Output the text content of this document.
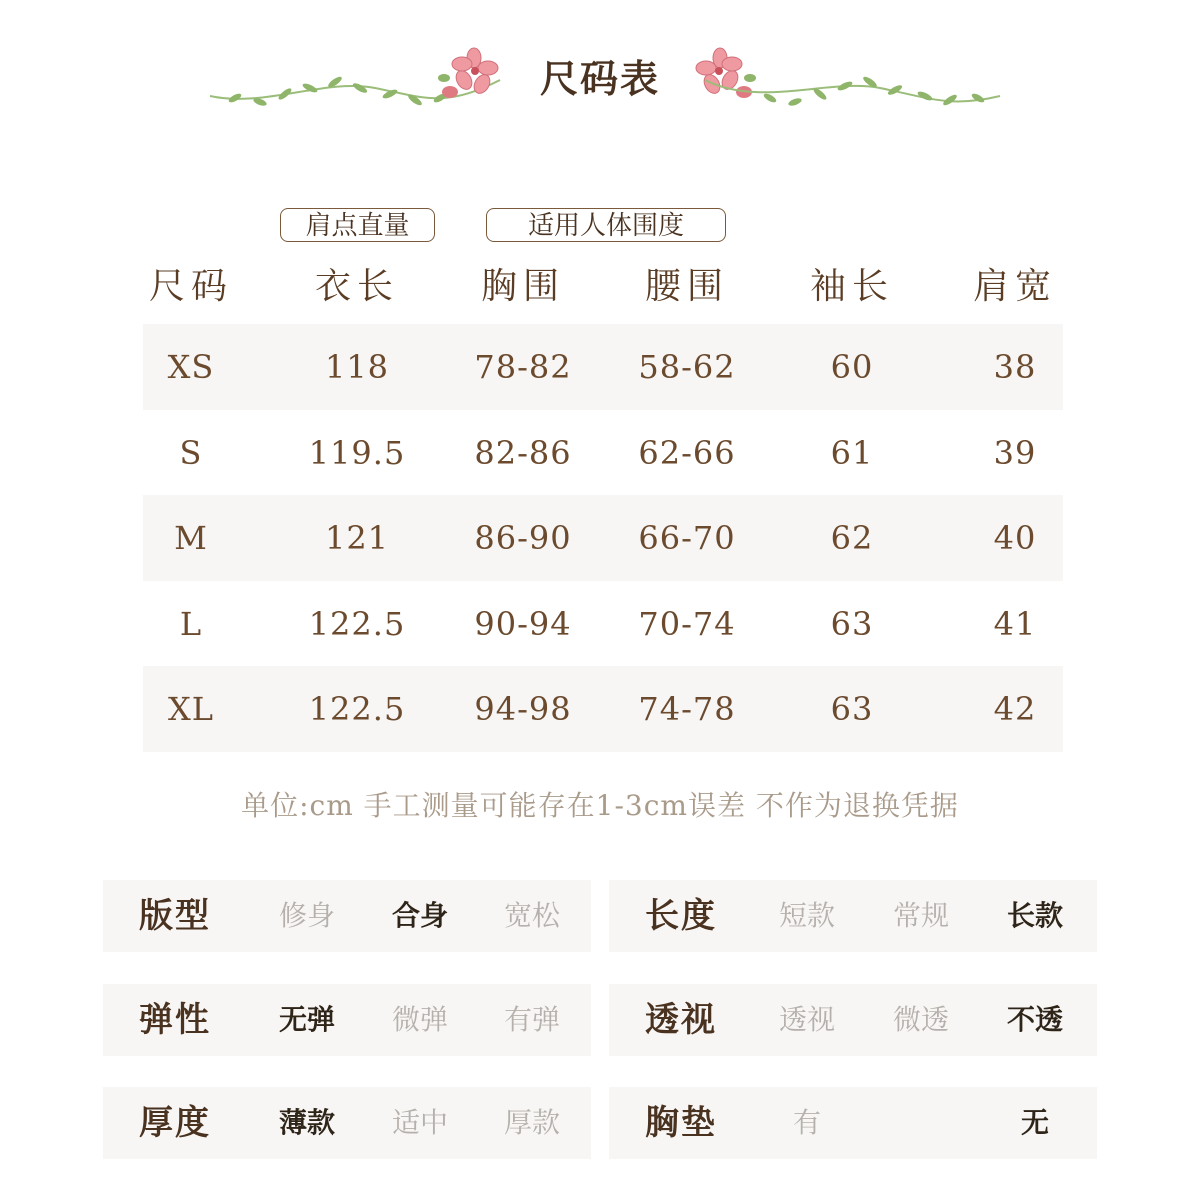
尺码表
肩点直量	适用人体围度
尺码	衣长	胸围	腰围	袖长	肩宽
XS	118	78-82	58-62	60	38
S	119.5	82-86	62-66	61	39
M	121	86-90	66-70	62	40
L	122.5	90-94	70-74	63	41
XL	122.5	94-98	74-78	63	42
单位:cm 手工测量可能存在1-3cm误差 不作为退换凭据
版型	修身	合身	宽松	长度	短款	常规	长款
弹性	无弹	微弹	有弹	透视	透视	微透	不透
厚度	薄款	适中	厚款	胸垫	有	无
